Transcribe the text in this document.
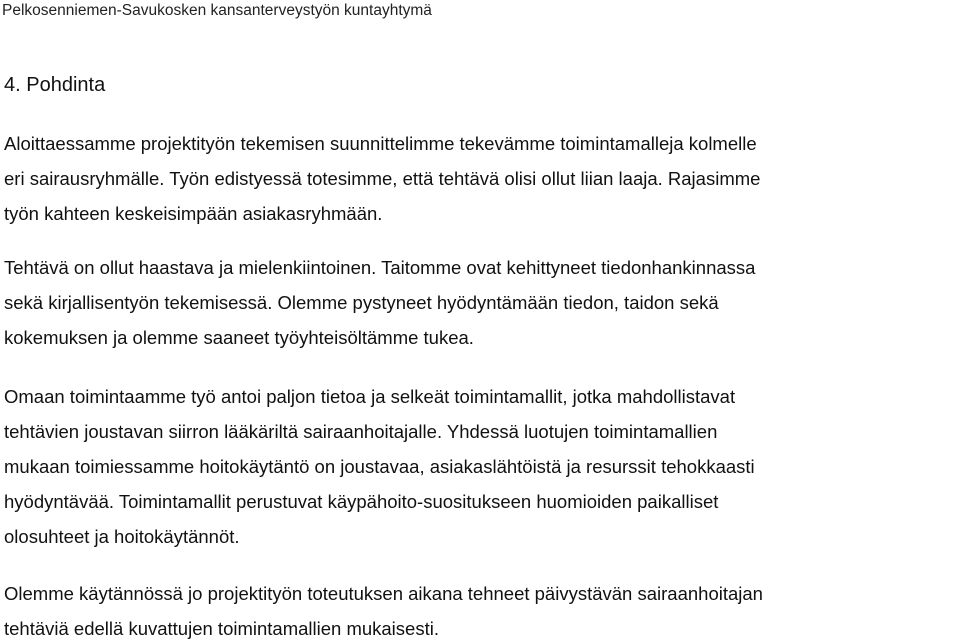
Pelkosenniemen-Savukosken kansanterveystyön kuntayhtymä
4. Pohdinta
Aloittaessamme projektityön tekemisen suunnittelimme tekevämme toimintamalleja kolmelle
eri sairausryhmälle. Työn edistyessä totesimme, että tehtävä olisi ollut liian laaja. Rajasimme
työn kahteen keskeisimpään asiakasryhmään.
Tehtävä on ollut haastava ja mielenkiintoinen. Taitomme ovat kehittyneet tiedonhankinnassa
sekä kirjallisentyön tekemisessä. Olemme pystyneet hyödyntämään tiedon, taidon sekä
kokemuksen ja olemme saaneet työyhteisöltämme tukea.
Omaan toimintaamme työ antoi paljon tietoa ja selkeät toimintamallit, jotka mahdollistavat
tehtävien joustavan siirron lääkäriltä sairaanhoitajalle. Yhdessä luotujen toimintamallien
mukaan toimiessamme hoitokäytäntö on joustavaa, asiakaslähtöistä ja resurssit tehokkaasti
hyödyntävää. Toimintamallit perustuvat käypähoito-suositukseen huomioiden paikalliset
olosuhteet ja hoitokäytännöt.
Olemme käytännössä jo projektityön toteutuksen aikana tehneet päivystävän sairaanhoitajan
tehtäviä edellä kuvattujen toimintamallien mukaisesti.
